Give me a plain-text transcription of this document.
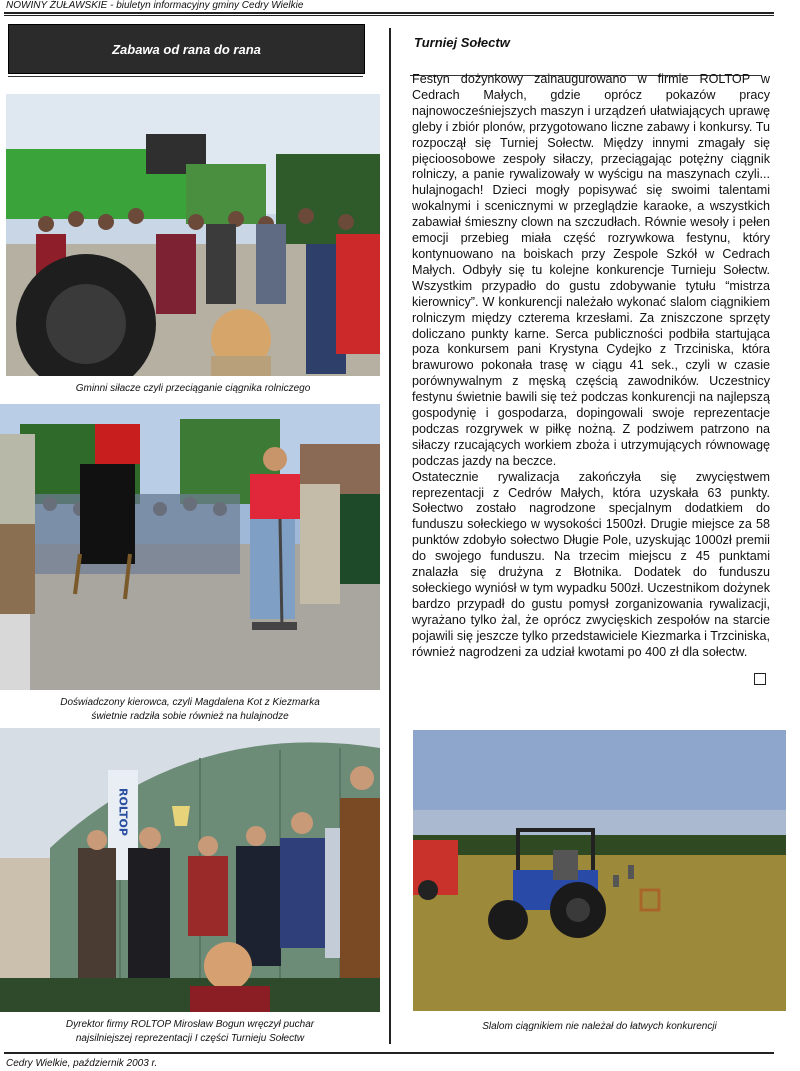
NOWINY ŻUŁAWSKIE - biuletyn informacyjny gminy Cedry Wielkie
Zabawa od rana do rana
Gminni siłacze czyli przeciąganie ciągnika rolniczego
Doświadczony kierowca, czyli Magdalena Kot z Kiezmarka
świetnie radziła sobie również na hulajnodze
ROLTOP
Dyrektor firmy ROLTOP Mirosław Bogun wręczył puchar
najsilniejszej reprezentacji I części Turnieju Sołectw
Turniej Sołectw

Festyn dożynkowy zainaugurowano w firmie ROLTOP w Cedrach Małych, gdzie oprócz pokazów pracy najnowocześniejszych maszyn i urządzeń ułatwiających uprawę gleby i zbiór plonów, przygotowano liczne zabawy i konkursy. Tu rozpoczął się Turniej Sołectw. Między innymi zmagały się pięcioosobowe zespoły siłaczy, przeciągając potężny ciągnik rolniczy, a panie rywalizowały w wyścigu na maszynach czyli... hulajnogach! Dzieci mogły popisywać się swoimi talentami wokalnymi i scenicznymi w przeglądzie karaoke, a wszystkich zabawiał śmieszny clown na szczudłach. Równie wesoły i pełen emocji przebieg miała część rozrywkowa festynu, który kontynuowano na boiskach przy Zespole Szkół w Cedrach Małych. Odbyły się tu kolejne konkurencje Turnieju Sołectw. Wszystkim przypadło do gustu zdobywanie tytułu “mistrza kierownicy”. W konkurencji należało wykonać slalom ciągnikiem rolniczym między czterema krzesłami. Za zniszczone sprzęty doliczano punkty karne. Serca publiczności podbiła startująca poza konkursem pani Krystyna Cydejko z Trzciniska, która brawurowo pokonała trasę w ciągu 41 sek., czyli w czasie porównywalnym z męską częścią zawodników. Uczestnicy festynu świetnie bawili się też podczas konkurencji na najlepszą gospodynię i gospodarza, dopingowali swoje reprezentacje podczas rozgrywek w piłkę nożną. Z podziwem patrzono na siłaczy rzucających workiem zboża i utrzymujących równowagę podczas jazdy na beczce.

Ostatecznie rywalizacja zakończyła się zwycięstwem reprezentacji z Cedrów Małych, która uzyskała 63 punkty. Sołectwo zostało nagrodzone specjalnym dodatkiem do funduszu sołeckiego w wysokości 1500zł. Drugie miejsce za 58 punktów zdobyło sołectwo Długie Pole, uzyskując 1000zł premii do swojego funduszu. Na trzecim miejscu z 45 punktami znalazła się drużyna z Błotnika. Dodatek do funduszu sołeckiego wyniósł w tym wypadku 500zł. Uczestnikom dożynek bardzo przypadł do gustu pomysł zorganizowania rywalizacji, wyrażano tylko żal, że oprócz zwycięskich zespołów na starcie pojawili się jeszcze tylko przedstawiciele Kiezmarka i Trzciniska, również nagrodzeni za udział kwotami po 400 zł dla sołectw.

Slalom ciągnikiem nie należał do łatwych konkurencji
Cedry Wielkie, październik 2003 r.
